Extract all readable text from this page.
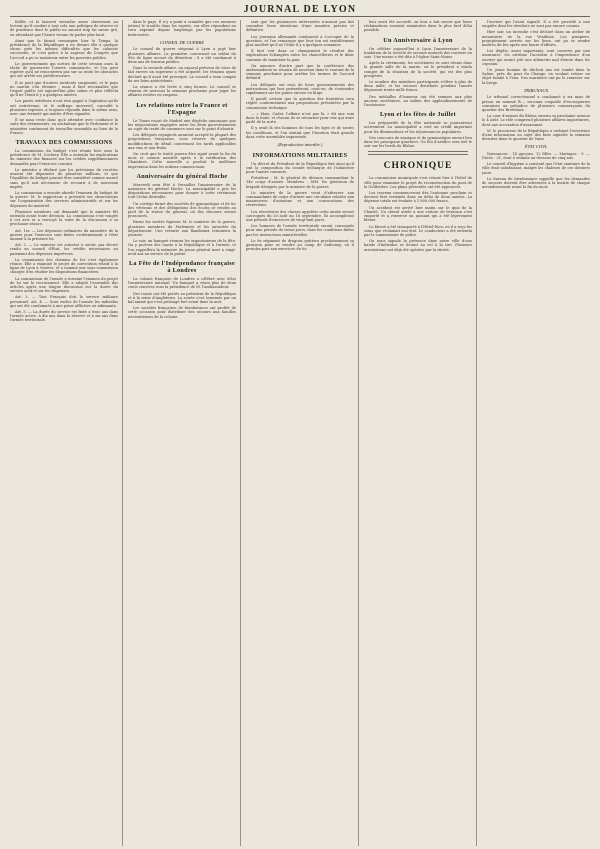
JOURNAL DE LYON

Kellér, et le laissent entendre assez clairement au lecteur qu'il conduit à tout cela une politique de réserve et de prudence dont le public ne saurait trop lui savoir gré, en attendant que l'heure vienne de parler plus haut.

Ainsi que le faisait remarquer hier le Temps, la présidence de la République a eu devant elle à quelque chose près les mêmes difficultés que les cabinets successifs, et c'est grâce à la sagesse du Congrès que l'accord a pu se maintenir entre les pouvoirs publics.

Le gouvernement qui sortira de cette session aura la tâche de poursuivre l'œuvre commencée, et l'on peut espérer qu'il ne rencontrera pas sur sa route les obstacles qui ont arrêté ses prédécesseurs.

Il se peut que d'autres incidents surgissent, et le pays ne saurait s'en étonner ; mais il faut reconnaître que l'esprit public est aujourd'hui plus calme et plus réfléchi qu'il ne l'était il y a quelques années.

Les partis extrêmes n'ont rien gagné à l'agitation qu'ils ont entretenue, et le suffrage universel, consulté à plusieurs reprises, a toujours répondu dans le même sens, avec une fermeté qui mérite d'être signalée.

Il ne nous reste donc qu'à attendre avec confiance la suite des événements, en souhaitant que le Parlement et le ministère continuent de travailler ensemble au bien de la France.

TRAVAUX DES COMMISSIONS

La commission du budget s'est réunie hier sous la présidence de M. Cochery. Elle a entendu les explications du ministre des finances sur les crédits supplémentaires demandés pour l'exercice courant.

Le ministre a déclaré que les prévisions de recettes avaient été dépassées de plusieurs millions, et que l'équilibre du budget pouvait être considéré comme assuré sans qu'il soit nécessaire de recourir à de nouveaux impôts.

La commission a ensuite abordé l'examen du budget de la guerre. M. le rapporteur a présenté ses observations sur l'organisation des services administratifs et sur les dépenses du matériel.

Plusieurs membres ont demandé que le ministre fût entendu avant toute décision. La commission s'est rangée à cet avis et a renvoyé la suite de la discussion à sa prochaine séance.

Art. 1er. — Les dépenses ordinaires du ministère de la guerre pour l'exercice sont fixées conformément à l'état annexé à la présente loi.

Art. 2. — Le ministre est autorisé à ouvrir, par décret rendu en conseil d'État, les crédits nécessaires au paiement des dépenses imprévues.

La commission des chemins de fer s'est également réunie. Elle a examiné le projet de convention relatif à la ligne de Lyon à Genève, et a nommé une sous-commission chargée d'en étudier les dispositions financières.

La commission de l'armée a terminé l'examen du projet de loi sur le recrutement. Elle a adopté l'ensemble des articles après une longue discussion sur la durée du service actif et sur les dispenses.

Art. 3. — Tout Français doit le service militaire personnel. Art. 4. — Sont exclus de l'armée les individus qui ont été condamnés à une peine afflictive ou infamante.

Art. 5. — La durée du service est fixée à trois ans dans l'armée active, à dix ans dans la réserve et à six ans dans l'armée territoriale.

dans le pays. Il n'y a point à craindre que ces mesures jettent le trouble dans les esprits, car elles répondent au vœu exprimé depuis longtemps par les populations intéressées.

CONSEIL DE GUERRE

Le conseil de guerre siégeant à Lyon a jugé hier plusieurs affaires. La première concernait un soldat du 98e de ligne accusé de désertion ; il a été condamné à deux ans de travaux publics.

Dans la seconde affaire, un caporal prévenu de voies de fait envers un supérieur a été acquitté, les témoins ayant déclaré qu'il avait été provoqué. Le conseil a tenu compte de ses bons antécédents.

La séance a été levée à cinq heures. Le conseil se réunira de nouveau la semaine prochaine pour juger les affaires restées en suspens.

Les relations entre la France et l'Espagne

Le Times reçoit de Madrid une dépêche annonçant que les négociations engagées entre les deux gouvernements au sujet du traité de commerce sont sur le point d'aboutir.

Les délégués espagnols auraient accepté la plupart des propositions françaises, sous réserve de quelques modifications de détail concernant les tarifs applicables aux vins et aux fruits.

On croit que le traité pourra être signé avant la fin du mois et soumis aussitôt après à la ratification des Chambres. Cette nouvelle a produit la meilleure impression dans les milieux commerciaux.

Anniversaire du général Hoche

Mercredi sera fêté à Versailles l'anniversaire de la naissance du général Hoche. La municipalité a pris les dispositions nécessaires pour donner à cette cérémonie tout l'éclat désirable.

Un cortège formé des sociétés de gymnastique et de tir, des vétérans et des délégations des écoles se rendra au pied de la statue du général, où des discours seront prononcés.

Parmi les invités figurent M. le ministre de la guerre, plusieurs membres du Parlement et les autorités du département. Une retraite aux flambeaux terminera la journée.

Le soir, un banquet réunira les organisateurs de la fête. On y portera des toasts à la République et à l'armée, et l'on rappellera la mémoire du jeune général mort à vingt-neuf ans au service de la patrie.

La Fête de l'Indépendance française à Londres

La colonie française de Londres a célébré avec éclat l'anniversaire national. Un banquet a réuni plus de deux cents convives sous la présidence de M. l'ambassadeur.

Des toasts ont été portés au président de la République et à la reine d'Angleterre. La soirée s'est terminée par un bal animé qui s'est prolongé fort avant dans la nuit.

Les sociétés françaises de bienfaisance ont profité de cette occasion pour distribuer des secours aux familles nécessiteuses de la colonie.

tant que les puissances intéressées n'auront pas fait connaître leurs intentions d'une manière précise et définitive.

Les journaux allemands continuent à s'occuper de la question, et l'on remarque que leur ton est sensiblement plus modéré qu'il ne l'était il y a quelques semaines.

Il faut voir dans ce changement le résultat des explications échangées entre les chancelleries et le désir commun de maintenir la paix.

On annonce d'autre part que la conférence des ambassadeurs se réunira de nouveau dans le courant de la semaine prochaine pour arrêter les termes de l'accord définitif.

Les délégués ont reçu de leurs gouvernements des instructions qui leur permettront, croit-on, de s'entendre rapidement sur les points encore en litige.

Il paraît certain que la question des frontières sera réglée conformément aux propositions présentées par la commission technique.

— « Mais, Cadet, l'affaire n'est pas là, » dit une voix dans la foule, et chacun de se retourner pour voir qui avait parlé de la sorte.

Il y avait là des hommes de tous les âges et de toutes les conditions, et l'on sentait que l'émotion était grande dans cette assemblée improvisée.

(Reproduction interdite.)
INFORMATIONS MILITAIRES

Un décret du Président de la République fixe ainsi qu'il suit la composition du comité technique de l'infanterie pour l'année courante.

Président : M. le général de division commandant le 14e corps d'armée. Membres : MM. les généraux de brigade désignés par le ministre de la guerre.

Le ministre de la guerre vient d'adresser aux commandants de corps d'armée une circulaire relative aux manœuvres d'automne et aux convocations des réservistes.

Les réservistes des classes appelées cette année seront convoqués du 20 août au 16 septembre. Ils accompliront une période d'exercices de vingt-huit jours.

Les hommes de l'armée territoriale seront convoqués pour une période de treize jours, dans les conditions fixées par les instructions ministérielles.

Le 8e régiment de dragons quittera prochainement sa garnison pour se rendre au camp de Sathonay, où il prendra part aux exercices de tir.

leur avait été accordé, on leur a fait savoir que leurs réclamations seraient examinées dans le plus bref délai possible.

Un Anniversaire à Lyon

On célèbre aujourd'hui à Lyon l'anniversaire de la fondation de la Société de secours mutuels des ouvriers en soie. Une messe a été dite à l'église Saint-Nizier.

Après la cérémonie, les sociétaires se sont réunis dans la grande salle de la mairie, où le président a rendu compte de la situation de la société, qui est des plus prospères.

Le nombre des membres participants s'élève à plus de deux mille, et les secours distribués pendant l'année dépassent trente mille francs.

Des médailles d'honneur ont été remises aux plus anciens sociétaires, au milieu des applaudissements de l'assistance.

Lyon et les fêtes de Juillet

Les préparatifs de la fête nationale se poursuivent activement. La municipalité a voté un crédit important pour les illuminations et les réjouissances populaires.

Des concours de musique et de gymnastique auront lieu dans les principaux quartiers. Un feu d'artifice sera tiré le soir sur les bords du Rhône.

CHRONIQUE

La commission municipale s'est réunie hier à l'hôtel de ville pour examiner le projet de reconstruction du pont de la Guillotière. Les plans présentés ont été approuvés.

Les travaux commenceront dès l'automne prochain et devront être terminés dans un délai de deux années. La dépense totale est évaluée à 1.800.000 francs.

Un accident est arrivé hier matin sur le quai de la Charité. Un cheval attelé à une voiture de livraison s'est emporté et a renversé un passant qui a été légèrement blessé.

Le blessé a été transporté à l'Hôtel-Dieu, où il a reçu les soins que réclamait son état. Le conducteur a été entendu par le commissaire de police.

On nous signale la présence dans notre ville d'une bande d'individus se livrant au vol à la tire. Plusieurs arrestations ont déjà été opérées par la sûreté.

l'ouvrier qui l'avait signalé. Il a été procédé à une enquête dont les résultats ne sont pas encore connus.

Hier soir, un incendie s'est déclaré dans un atelier de menuiserie de la rue Vendôme. Les pompiers, promptement arrivés sur les lieux, ont pu se rendre maîtres du feu après une heure d'efforts.

Les dégâts, assez importants, sont couverts par une assurance. On attribue l'accident à l'imprudence d'un ouvrier qui aurait jeté une allumette mal éteinte dans les copeaux.

Un jeune homme de dix-huit ans est tombé dans la Saône, près du pont du Change, en voulant retirer un objet tombé à l'eau. Des mariniers ont pu le ramener sur la berge.

TRIBUNAUX

Le tribunal correctionnel a condamné à six mois de prison un nommé B..., reconnu coupable d'escroqueries commises au préjudice de plusieurs commerçants du quartier des Brotteaux.

La cour d'assises du Rhône ouvrira sa prochaine session le 4 août. Le rôle comprend plusieurs affaires importantes, dont une accusation d'assassinat.

M. le procureur de la République a ordonné l'ouverture d'une information au sujet des faits signalés la semaine dernière dans le quartier de Vaise.

ÉTAT CIVIL

Naissances : 14 garçons, 12 filles. — Mariages : 9. — Décès : 21, dont 6 enfants au-dessous de cinq ans.

Le conseil d'hygiène a constaté que l'état sanitaire de la ville était satisfaisant, malgré les chaleurs de ces derniers jours.

Le bureau de bienfaisance rappelle que les demandes de secours doivent être adressées à la mairie de chaque arrondissement avant la fin du mois.
